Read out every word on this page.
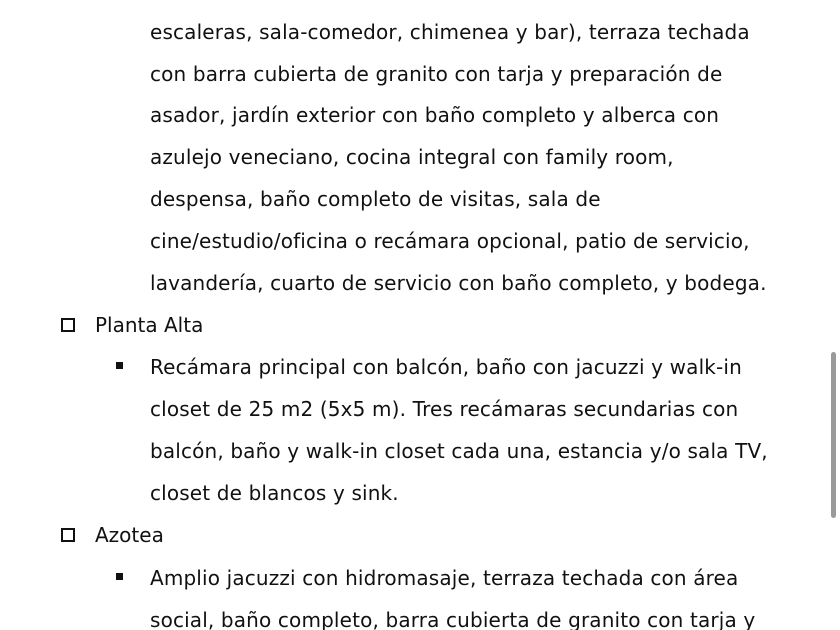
escaleras, sala-comedor, chimenea y bar), terraza techada
con barra cubierta de granito con tarja y preparación de
asador, jardín exterior con baño completo y alberca con
azulejo veneciano, cocina integral con family room,
despensa, baño completo de visitas, sala de
cine/estudio/oficina o recámara opcional, patio de servicio,
lavandería, cuarto de servicio con baño completo, y bodega.
Planta Alta
Recámara principal con balcón, baño con jacuzzi y walk-in
closet de 25 m2 (5x5 m). Tres recámaras secundarias con
balcón, baño y walk-in closet cada una, estancia y/o sala TV,
closet de blancos y sink.
Azotea
Amplio jacuzzi con hidromasaje, terraza techada con área
social, baño completo, barra cubierta de granito con tarja y
